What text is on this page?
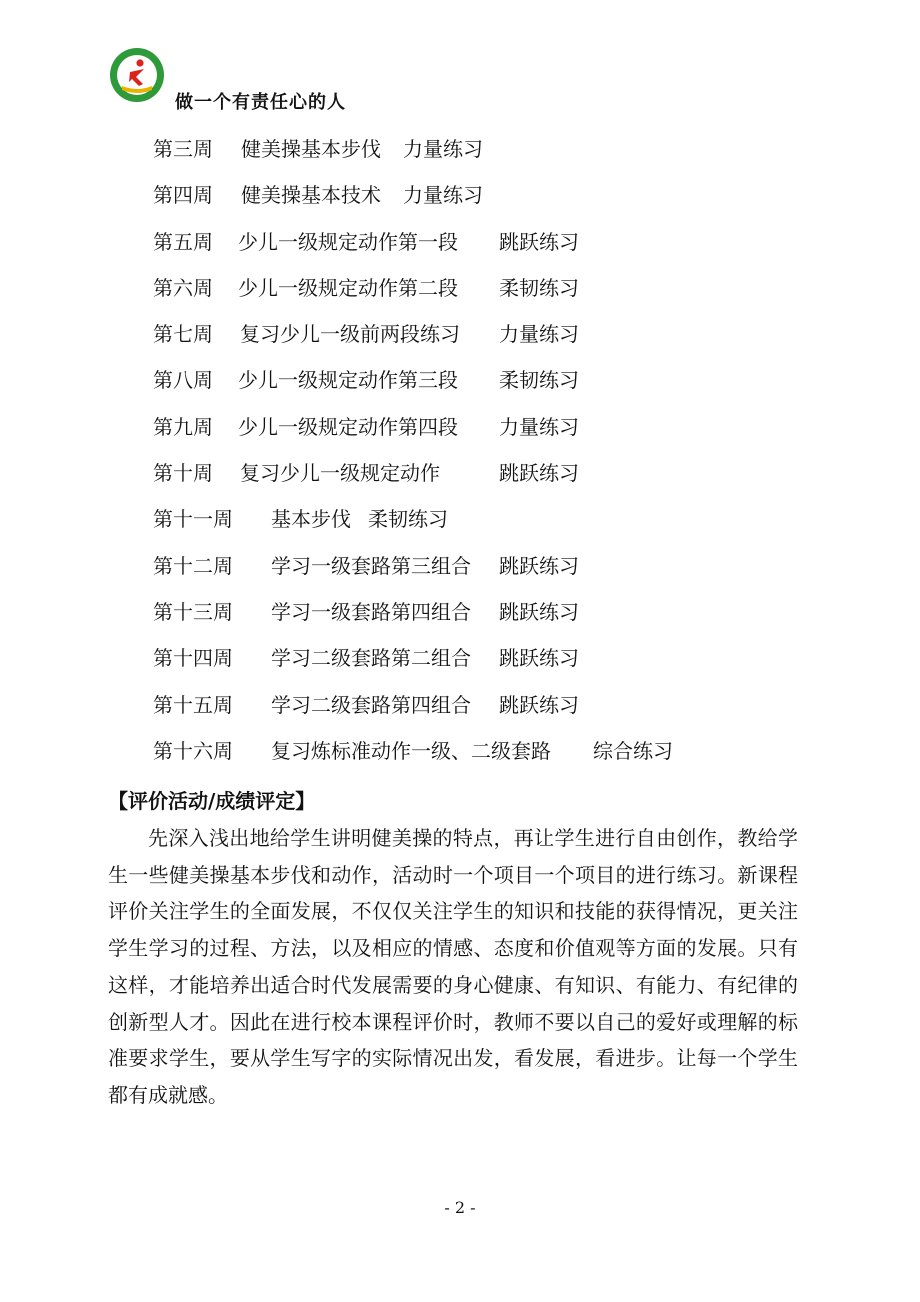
做一个有责任心的人
第三周 健美操基本步伐 力量练习
第四周 健美操基本技术 力量练习
第五周 少儿一级规定动作第一段 跳跃练习
第六周 少儿一级规定动作第二段 柔韧练习
第七周 复习少儿一级前两段练习 力量练习
第八周 少儿一级规定动作第三段 柔韧练习
第九周 少儿一级规定动作第四段 力量练习
第十周 复习少儿一级规定动作	跳跃练习
第十一周 基本步伐 柔韧练习
第十二周 学习一级套路第三组合 跳跃练习
第十三周 学习一级套路第四组合 跳跃练习
第十四周 学习二级套路第二组合 跳跃练习
第十五周 学习二级套路第四组合 跳跃练习
第十六周 复习炼标准动作一级、二级套路 综合练习
【评价活动/成绩评定】

先深入浅出地给学生讲明健美操的特点，再让学生进行自由创作，教给学生一些健美操基本步伐和动作，活动时一个项目一个项目的进行练习。新课程评价关注学生的全面发展，不仅仅关注学生的知识和技能的获得情况，更关注学生学习的过程、方法，以及相应的情感、态度和价值观等方面的发展。只有这样，才能培养出适合时代发展需要的身心健康、有知识、有能力、有纪律的创新型人才。因此在进行校本课程评价时，教师不要以自己的爱好或理解的标准要求学生，要从学生写字的实际情况出发，看发展，看进步。让每一个学生都有成就感。

- 2 -
